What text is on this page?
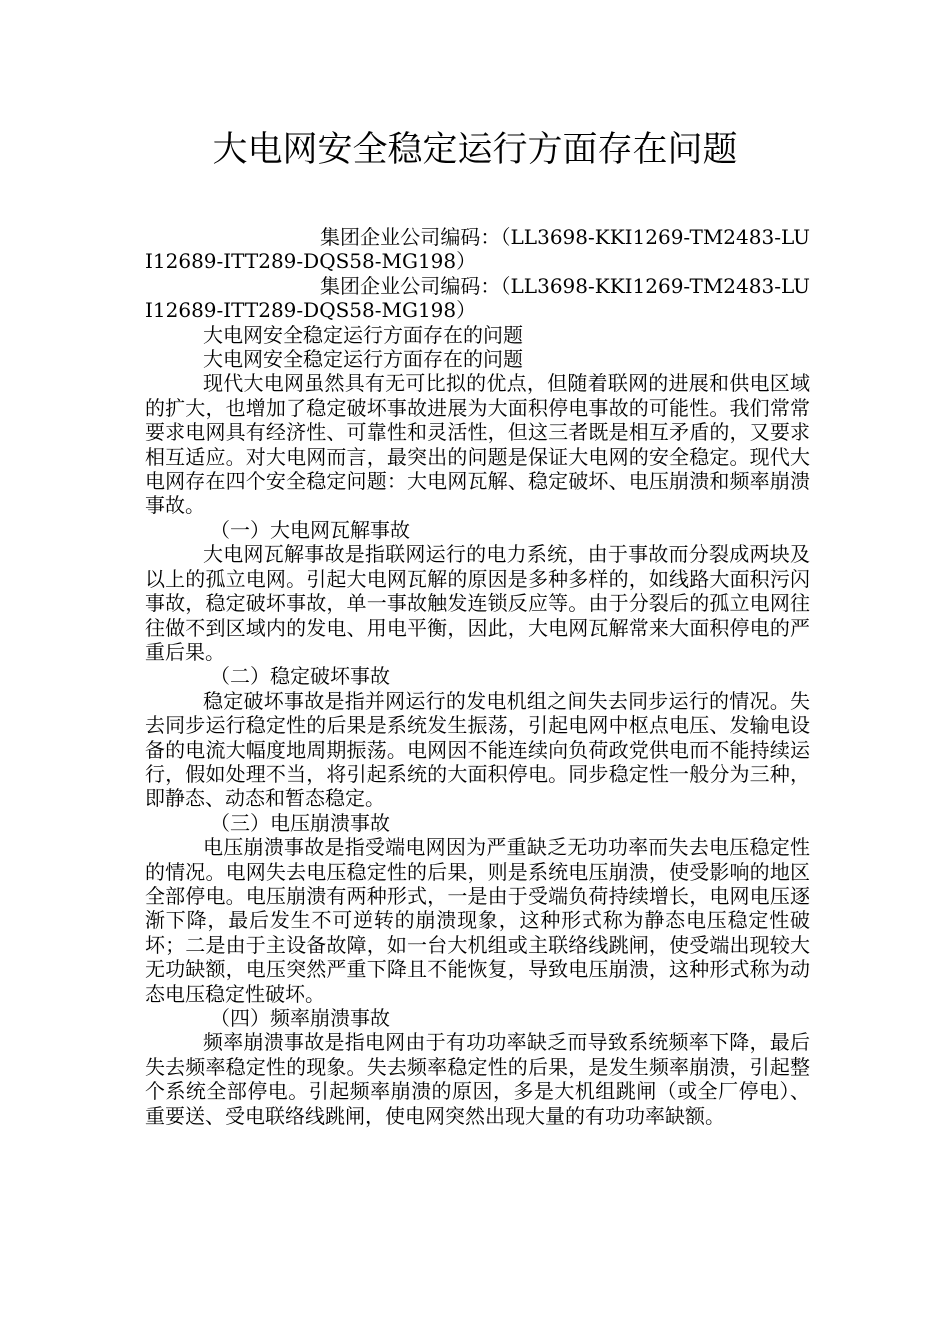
大电网安全稳定运行方面存在问题

集团企业公司编码：（LL3698-KKI1269-TM2483-LUI12689-ITT289-DQS58-MG198）

集团企业公司编码：（LL3698-KKI1269-TM2483-LUI12689-ITT289-DQS58-MG198）

大电网安全稳定运行方面存在的问题

大电网安全稳定运行方面存在的问题

现代大电网虽然具有无可比拟的优点，但随着联网的进展和供电区域的扩大，也增加了稳定破坏事故进展为大面积停电事故的可能性。我们常常要求电网具有经济性、可靠性和灵活性，但这三者既是相互矛盾的，又要求相互适应。对大电网而言，最突出的问题是保证大电网的安全稳定。现代大电网存在四个安全稳定问题：大电网瓦解、稳定破坏、电压崩溃和频率崩溃事故。

（一）大电网瓦解事故

大电网瓦解事故是指联网运行的电力系统，由于事故而分裂成两块及以上的孤立电网。引起大电网瓦解的原因是多种多样的，如线路大面积污闪事故，稳定破坏事故，单一事故触发连锁反应等。由于分裂后的孤立电网往往做不到区域内的发电、用电平衡，因此，大电网瓦解常来大面积停电的严重后果。

（二）稳定破坏事故

稳定破坏事故是指并网运行的发电机组之间失去同步运行的情况。失去同步运行稳定性的后果是系统发生振荡，引起电网中枢点电压、发输电设备的电流大幅度地周期振荡。电网因不能连续向负荷政党供电而不能持续运行，假如处理不当，将引起系统的大面积停电。同步稳定性一般分为三种，即静态、动态和暂态稳定。

（三）电压崩溃事故

电压崩溃事故是指受端电网因为严重缺乏无功功率而失去电压稳定性的情况。电网失去电压稳定性的后果，则是系统电压崩溃，使受影响的地区全部停电。电压崩溃有两种形式，一是由于受端负荷持续增长，电网电压逐渐下降，最后发生不可逆转的崩溃现象，这种形式称为静态电压稳定性破坏；二是由于主设备故障，如一台大机组或主联络线跳闸，使受端出现较大无功缺额，电压突然严重下降且不能恢复，导致电压崩溃，这种形式称为动态电压稳定性破坏。

（四）频率崩溃事故

频率崩溃事故是指电网由于有功功率缺乏而导致系统频率下降，最后失去频率稳定性的现象。失去频率稳定性的后果，是发生频率崩溃，引起整个系统全部停电。引起频率崩溃的原因，多是大机组跳闸（或全厂停电）、重要送、受电联络线跳闸，使电网突然出现大量的有功功率缺额。
